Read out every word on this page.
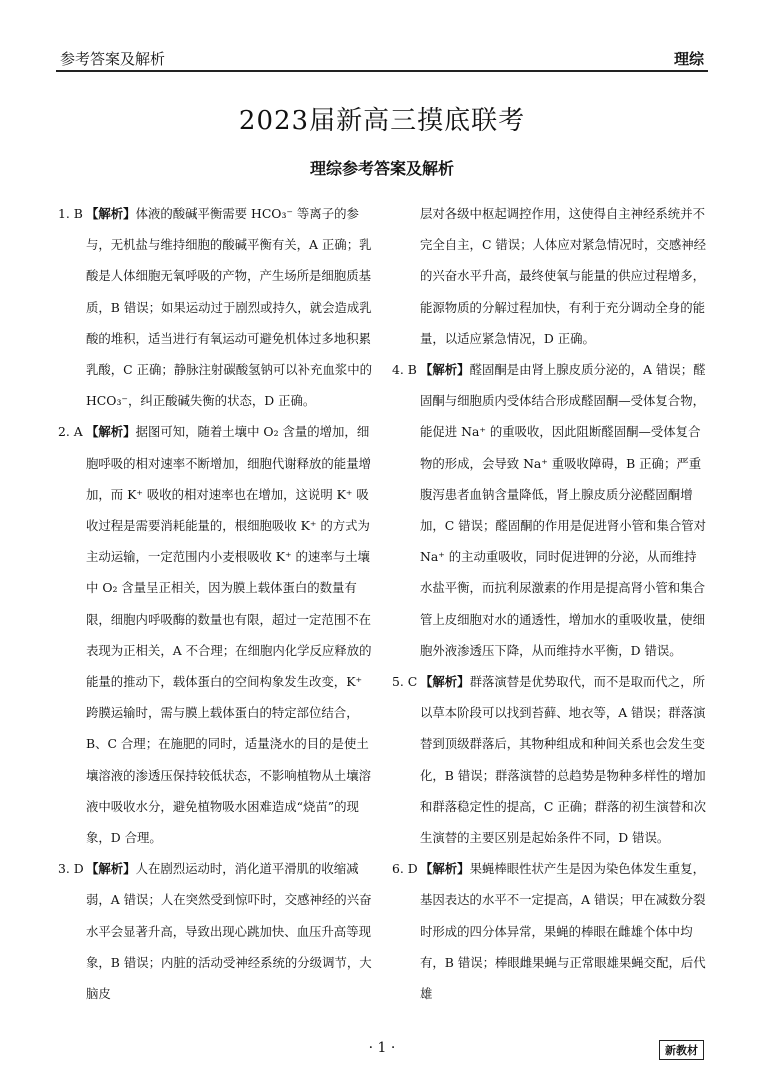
参考答案及解析	理综
2023届新高三摸底联考
理综参考答案及解析
1. B 【解析】体液的酸碱平衡需要 HCO₃⁻ 等离子的参与，无机盐与维持细胞的酸碱平衡有关，A 正确；乳酸是人体细胞无氧呼吸的产物，产生场所是细胞质基质，B 错误；如果运动过于剧烈或持久，就会造成乳酸的堆积，适当进行有氧运动可避免机体过多地积累乳酸，C 正确；静脉注射碳酸氢钠可以补充血浆中的 HCO₃⁻，纠正酸碱失衡的状态，D 正确。
2. A 【解析】据图可知，随着土壤中 O₂ 含量的增加，细胞呼吸的相对速率不断增加，细胞代谢释放的能量增加，而 K⁺ 吸收的相对速率也在增加，这说明 K⁺ 吸收过程是需要消耗能量的，根细胞吸收 K⁺ 的方式为主动运输，一定范围内小麦根吸收 K⁺ 的速率与土壤中 O₂ 含量呈正相关，因为膜上载体蛋白的数量有限，细胞内呼吸酶的数量也有限，超过一定范围不在表现为正相关，A 不合理；在细胞内化学反应释放的能量的推动下，载体蛋白的空间构象发生改变，K⁺ 跨膜运输时，需与膜上载体蛋白的特定部位结合，B、C 合理；在施肥的同时，适量浇水的目的是使土壤溶液的渗透压保持较低状态，不影响植物从土壤溶液中吸收水分，避免植物吸水困难造成“烧苗”的现象，D 合理。
3. D 【解析】人在剧烈运动时，消化道平滑肌的收缩减弱，A 错误；人在突然受到惊吓时，交感神经的兴奋水平会显著升高，导致出现心跳加快、血压升高等现象，B 错误；内脏的活动受神经系统的分级调节，大脑皮
层对各级中枢起调控作用，这使得自主神经系统并不完全自主，C 错误；人体应对紧急情况时，交感神经的兴奋水平升高，最终使氧与能量的供应过程增多，能源物质的分解过程加快，有利于充分调动全身的能量，以适应紧急情况，D 正确。
4. B 【解析】醛固酮是由肾上腺皮质分泌的，A 错误；醛固酮与细胞质内受体结合形成醛固酮—受体复合物，能促进 Na⁺ 的重吸收，因此阻断醛固酮—受体复合物的形成，会导致 Na⁺ 重吸收障碍，B 正确；严重腹泻患者血钠含量降低，肾上腺皮质分泌醛固酮增加，C 错误；醛固酮的作用是促进肾小管和集合管对 Na⁺ 的主动重吸收，同时促进钾的分泌，从而维持水盐平衡，而抗利尿激素的作用是提高肾小管和集合管上皮细胞对水的通透性，增加水的重吸收量，使细胞外液渗透压下降，从而维持水平衡，D 错误。
5. C 【解析】群落演替是优势取代，而不是取而代之，所以草本阶段可以找到苔藓、地衣等，A 错误；群落演替到顶级群落后，其物种组成和种间关系也会发生变化，B 错误；群落演替的总趋势是物种多样性的增加和群落稳定性的提高，C 正确；群落的初生演替和次生演替的主要区别是起始条件不同，D 错误。
6. D 【解析】果蝇棒眼性状产生是因为染色体发生重复，基因表达的水平不一定提高，A 错误；甲在减数分裂时形成的四分体异常，果蝇的棒眼在雌雄个体中均有，B 错误；棒眼雌果蝇与正常眼雄果蝇交配，后代雄
· 1 ·	新教材
